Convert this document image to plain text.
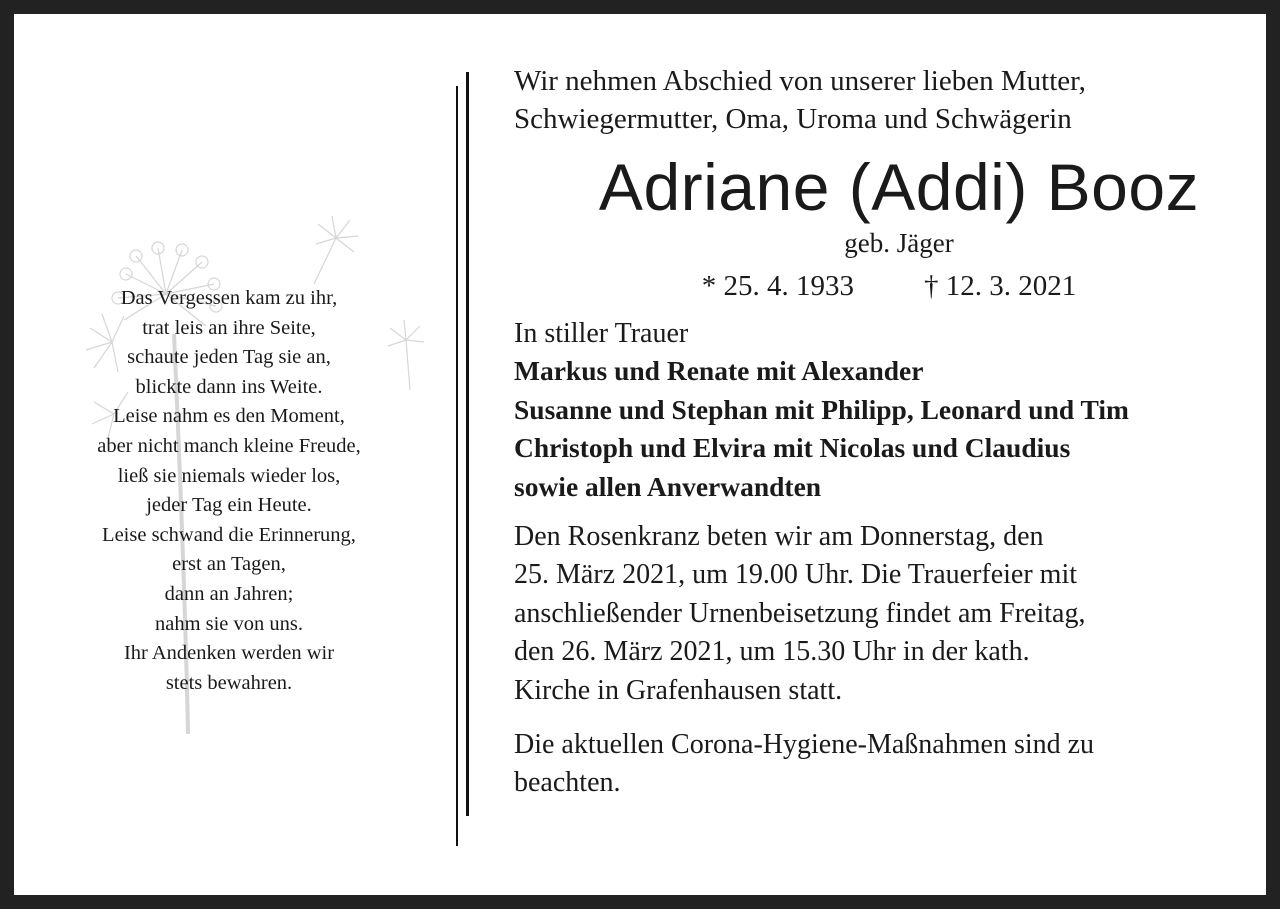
Das Vergessen kam zu ihr,
trat leis an ihre Seite,
schaute jeden Tag sie an,
blickte dann ins Weite.
Leise nahm es den Moment,
aber nicht manch kleine Freude,
ließ sie niemals wieder los,
jeder Tag ein Heute.
Leise schwand die Erinnerung,
erst an Tagen,
dann an Jahren;
nahm sie von uns.
Ihr Andenken werden wir
stets bewahren.
Wir nehmen Abschied von unserer lieben Mutter,
Schwiegermutter, Oma, Uroma und Schwägerin
Adriane (Addi) Booz
geb. Jäger
* 25. 4. 1933 † 12. 3. 2021
In stiller Trauer
Markus und Renate mit Alexander
Susanne und Stephan mit Philipp, Leonard und Tim
Christoph und Elvira mit Nicolas und Claudius
sowie allen Anverwandten
Den Rosenkranz beten wir am Donnerstag, den
25. März 2021, um 19.00 Uhr. Die Trauerfeier mit
anschließender Urnenbeisetzung findet am Freitag,
den 26. März 2021, um 15.30 Uhr in der kath.
Kirche in Grafenhausen statt.
Die aktuellen Corona-Hygiene-Maßnahmen sind zu
beachten.
